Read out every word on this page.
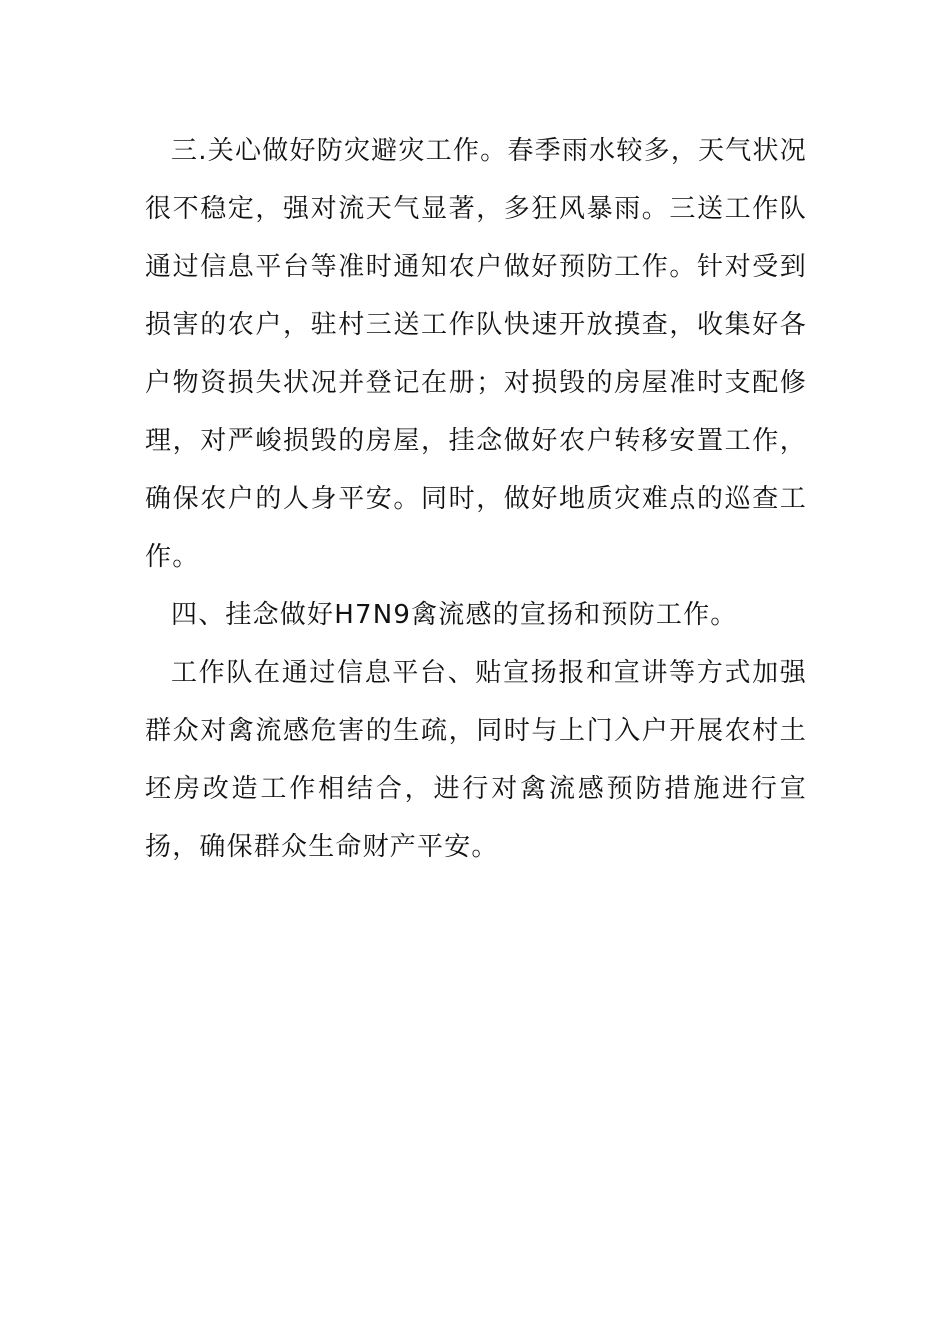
三.关心做好防灾避灾工作。春季雨水较多，天气状况很不稳定，强对流天气显著，多狂风暴雨。三送工作队通过信息平台等准时通知农户做好预防工作。针对受到损害的农户，驻村三送工作队快速开放摸查，收集好各户物资损失状况并登记在册；对损毁的房屋准时支配修理，对严峻损毁的房屋，挂念做好农户转移安置工作，确保农户的人身平安。同时，做好地质灾难点的巡查工作。

四、挂念做好H7N9禽流感的宣扬和预防工作。

工作队在通过信息平台、贴宣扬报和宣讲等方式加强群众对禽流感危害的生疏，同时与上门入户开展农村土坯房改造工作相结合，进行对禽流感预防措施进行宣扬，确保群众生命财产平安。
